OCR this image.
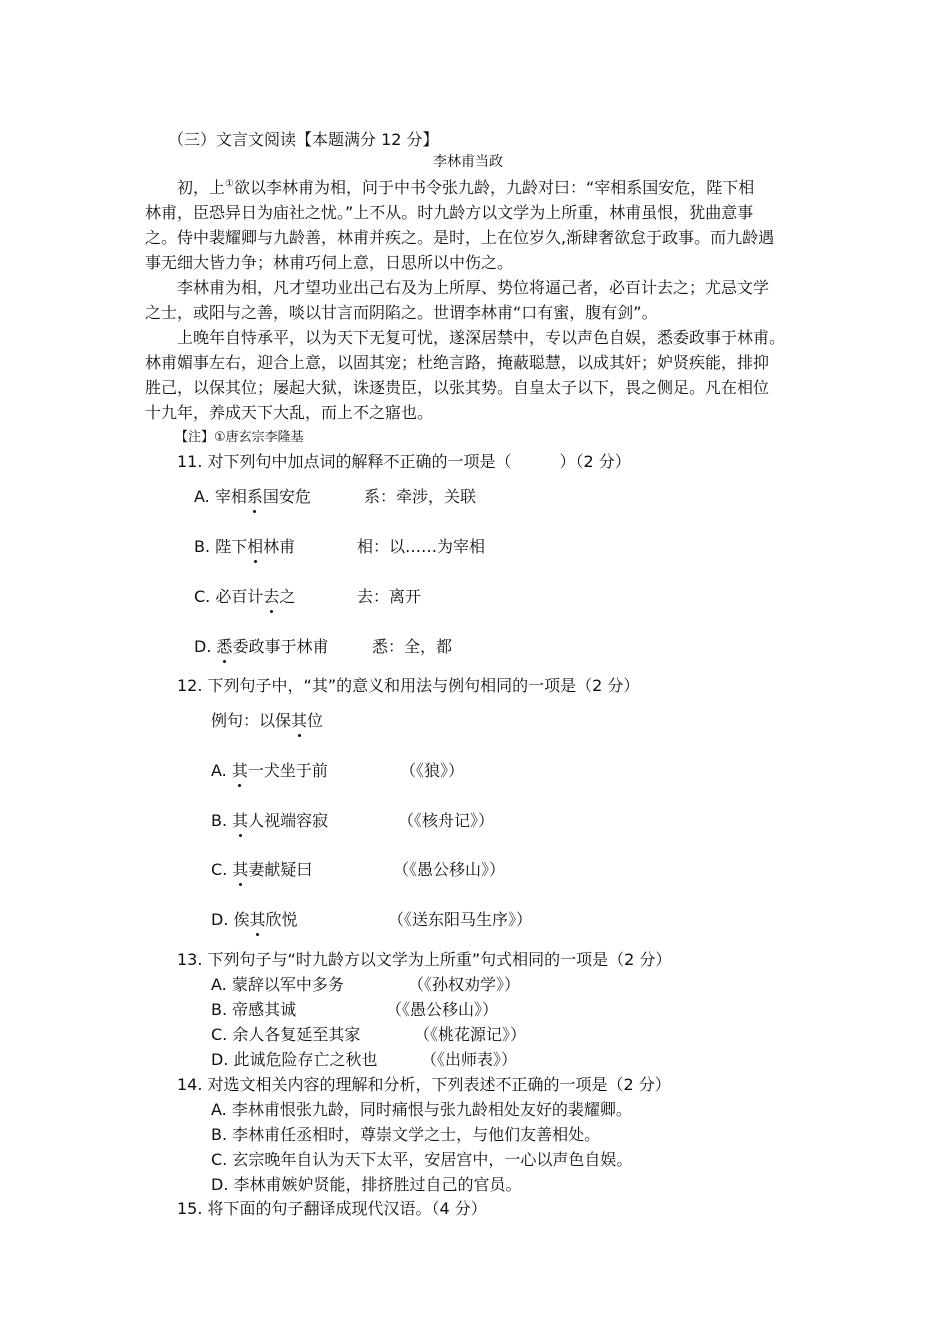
（三）文言文阅读【本题满分 12 分】
李林甫当政
初，上①欲以李林甫为相，问于中书令张九龄，九龄对曰：“宰相系国安危，陛下相
林甫，臣恐异日为庙社之忧。”上不从。时九龄方以文学为上所重，林甫虽恨，犹曲意事
之。侍中裴耀卿与九龄善，林甫并疾之。是时，上在位岁久,渐肆奢欲怠于政事。而九龄遇
事无细大皆力争；林甫巧伺上意，日思所以中伤之。
李林甫为相，凡才望功业出己右及为上所厚、势位将逼己者，必百计去之；尤忌文学
之士，或阳与之善，啖以甘言而阴陷之。世谓李林甫“口有蜜，腹有剑”。
上晚年自恃承平，以为天下无复可忧，遂深居禁中，专以声色自娱，悉委政事于林甫。
林甫媚事左右，迎合上意，以固其宠；杜绝言路，掩蔽聪慧，以成其奸；妒贤疾能，排抑
胜己，以保其位；屡起大狱，诛逐贵臣，以张其势。自皇太子以下，畏之侧足。凡在相位
十九年，养成天下大乱，而上不之寤也。
【注】①唐玄宗李隆基
11. 对下列句中加点词的解释不正确的一项是（　　　）（2 分）
A. 宰相系国安危	系：牵涉，关联
B. 陛下相林甫	相：以……为宰相
C. 必百计去之	去：离开
D. 悉委政事于林甫	悉：全，都
12. 下列句子中，“其”的意义和用法与例句相同的一项是（2 分）
例句：以保其位
A. 其一犬坐于前	（《狼》）
B. 其人视端容寂	（《核舟记》）
C. 其妻献疑曰	（《愚公移山》）
D. 俟其欣悦	（《送东阳马生序》）
13. 下列句子与“时九龄方以文学为上所重”句式相同的一项是（2 分）
A. 蒙辞以军中多务	（《孙权劝学》）
B. 帝感其诚	（《愚公移山》）
C. 余人各复延至其家	（《桃花源记》）
D. 此诚危险存亡之秋也	（《出师表》）
14. 对选文相关内容的理解和分析，下列表述不正确的一项是（2 分）
A. 李林甫恨张九龄，同时痛恨与张九龄相处友好的裴耀卿。
B. 李林甫任丞相时，尊崇文学之士，与他们友善相处。
C. 玄宗晚年自认为天下太平，安居宫中，一心以声色自娱。
D. 李林甫嫉妒贤能，排挤胜过自己的官员。
15. 将下面的句子翻译成现代汉语。（4 分）
